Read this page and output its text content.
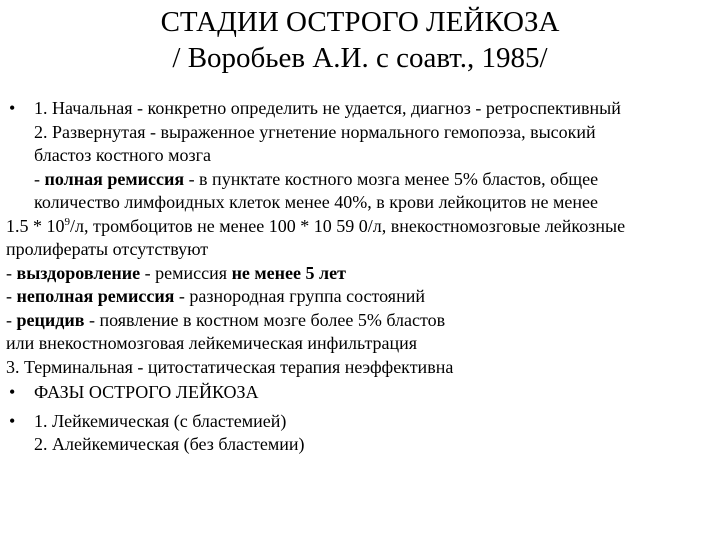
СТАДИИ ОСТРОГО ЛЕЙКОЗА
/ Воробьев А.И. с соавт., 1985/
• 1. Начальная - конкретно определить не удается, диагноз - ретроспективный
2. Развернутая - выраженное угнетение нормального гемопоэза, высокий
бластоз костного мозга
- полная ремиссия - в пунктате костного мозга менее 5% бластов, общее
количество лимфоидных клеток менее 40%, в крови лейкоцитов не менее
$1.5 * 10^9/л$, тромбоцитов не менее 100 * 10 59 0/л, внекостномозговые лейкозные
пролифераты отсутствуют
- выздоровление - ремиссия не менее 5 лет
- неполная ремиссия - разнородная группа состояний
- рецидив - появление в костном мозге более 5% бластов
или внекостномозговая лейкемическая инфильтрация
3. Терминальная - цитостатическая терапия неэффективна
• ФАЗЫ ОСТРОГО ЛЕЙКОЗА
• 1. Лейкемическая (с бластемией)
2. Алейкемическая (без бластемии)
